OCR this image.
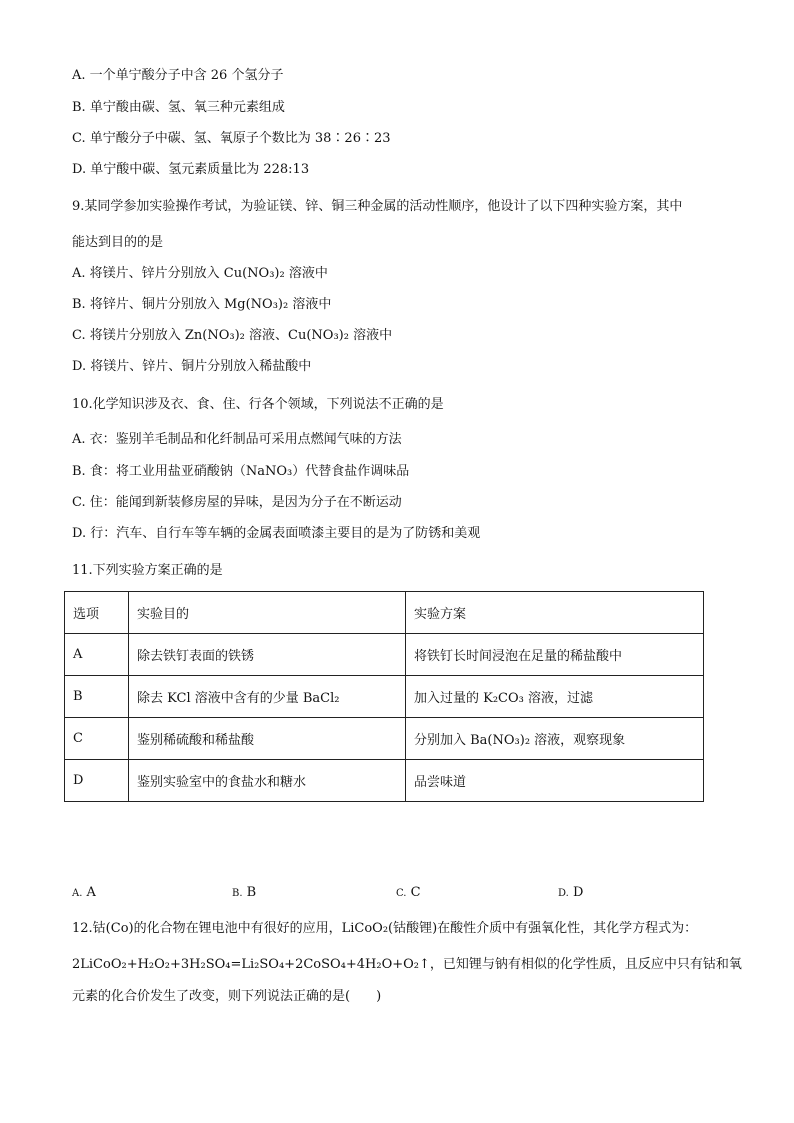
A. 一个单宁酸分子中含 26 个氢分子
B. 单宁酸由碳、氢、氧三种元素组成
C. 单宁酸分子中碳、氢、氧原子个数比为 38∶26∶23
D. 单宁酸中碳、氢元素质量比为 228:13
9.某同学参加实验操作考试，为验证镁、锌、铜三种金属的活动性顺序，他设计了以下四种实验方案，其中
能达到目的的是
A. 将镁片、锌片分别放入 Cu(NO₃)₂ 溶液中
B. 将锌片、铜片分别放入 Mg(NO₃)₂ 溶液中
C. 将镁片分别放入 Zn(NO₃)₂ 溶液、Cu(NO₃)₂ 溶液中
D. 将镁片、锌片、铜片分别放入稀盐酸中
10.化学知识涉及衣、食、住、行各个领域，下列说法不正确的是
A. 衣：鉴别羊毛制品和化纤制品可采用点燃闻气味的方法
B. 食：将工业用盐亚硝酸钠（NaNO₃）代替食盐作调味品
C. 住：能闻到新装修房屋的异味，是因为分子在不断运动
D. 行：汽车、自行车等车辆的金属表面喷漆主要目的是为了防锈和美观
11.下列实验方案正确的是
选项	实验目的	实验方案
A	除去铁钉表面的铁锈	将铁钉长时间浸泡在足量的稀盐酸中
B	除去 KCl 溶液中含有的少量 BaCl₂	加入过量的 K₂CO₃ 溶液，过滤
C	鉴别稀硫酸和稀盐酸	分别加入 Ba(NO₃)₂ 溶液，观察现象
D	鉴别实验室中的食盐水和糖水	品尝味道
A. A	B. B	C. C	D. D
12.钴(Co)的化合物在锂电池中有很好的应用，LiCoO₂(钴酸锂)在酸性介质中有强氧化性，其化学方程式为：
2LiCoO₂+H₂O₂+3H₂SO₄=Li₂SO₄+2CoSO₄+4H₂O+O₂↑，已知锂与钠有相似的化学性质，且反应中只有钴和氧
元素的化合价发生了改变，则下列说法正确的是(　　)
